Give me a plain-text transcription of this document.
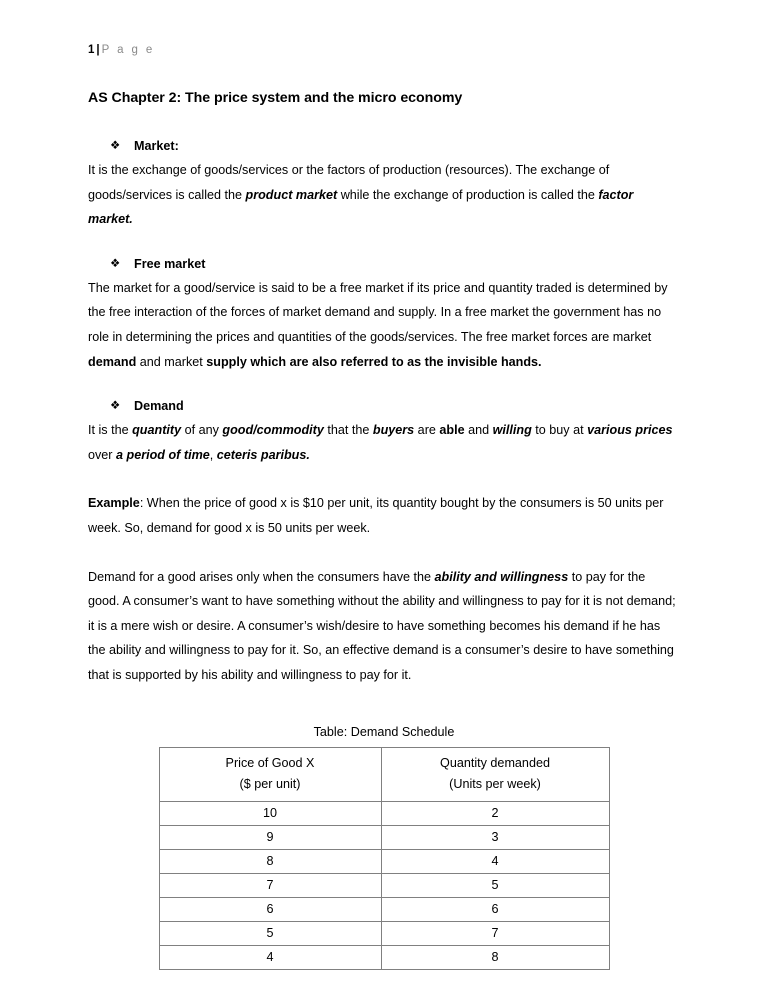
1 | P a g e
AS Chapter 2: The price system and the micro economy
❖ Market:

It is the exchange of goods/services or the factors of production (resources). The exchange of goods/services is called the product market while the exchange of production is called the factor market.

❖ Free market

The market for a good/service is said to be a free market if its price and quantity traded is determined by the free interaction of the forces of market demand and supply. In a free market the government has no role in determining the prices and quantities of the goods/services. The free market forces are market demand and market supply which are also referred to as the invisible hands.

❖ Demand

It is the quantity of any good/commodity that the buyers are able and willing to buy at various prices over a period of time, ceteris paribus.

Example: When the price of good x is $10 per unit, its quantity bought by the consumers is 50 units per week. So, demand for good x is 50 units per week.

Demand for a good arises only when the consumers have the ability and willingness to pay for the good. A consumer’s want to have something without the ability and willingness to pay for it is not demand; it is a mere wish or desire. A consumer’s wish/desire to have something becomes his demand if he has the ability and willingness to pay for it. So, an effective demand is a consumer’s desire to have something that is supported by his ability and willingness to pay for it.

Table: Demand Schedule
Price of Good X
($ per unit)

Quantity demanded
(Units per week)

10	2
9	3
8	4
7	5
6	6
5	7
4	8
